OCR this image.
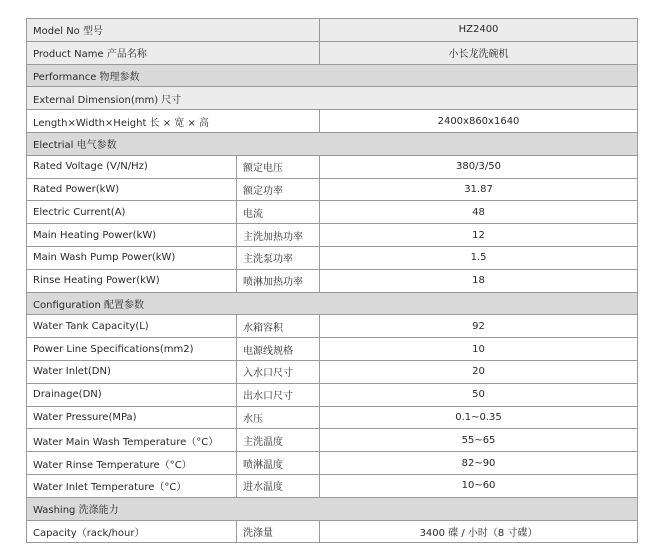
Model No 型号		HZ2400
Product Name 产品名称		小长龙洗碗机
Performance 物理参数		
External Dimension(mm) 尺寸		
Length×Width×Height 长 × 宽 × 高		2400x860x1640
Electrial 电气参数		
Rated Voltage (V/N/Hz)	额定电压	380/3/50
Rated Power(kW)	额定功率	31.87
Electric Current(A)	电流	48
Main Heating Power(kW)	主洗加热功率	12
Main Wash Pump Power(kW)	主洗泵功率	1.5
Rinse Heating Power(kW)	喷淋加热功率	18
Configuration 配置参数		
Water Tank Capacity(L)	水箱容积	92
Power Line Specifications(mm2)	电源线规格	10
Water Inlet(DN)	入水口尺寸	20
Drainage(DN)	出水口尺寸	50
Water Pressure(MPa)	水压	0.1~0.35
Water Main Wash Temperature（°C）	主洗温度	55~65
Water Rinse Temperature（°C）	喷淋温度	82~90
Water Inlet Temperature（°C）	进水温度	10~60
Washing 洗涤能力		
Capacity（rack/hour）	洗涤量	3400 碟 / 小时（8 寸碟）
